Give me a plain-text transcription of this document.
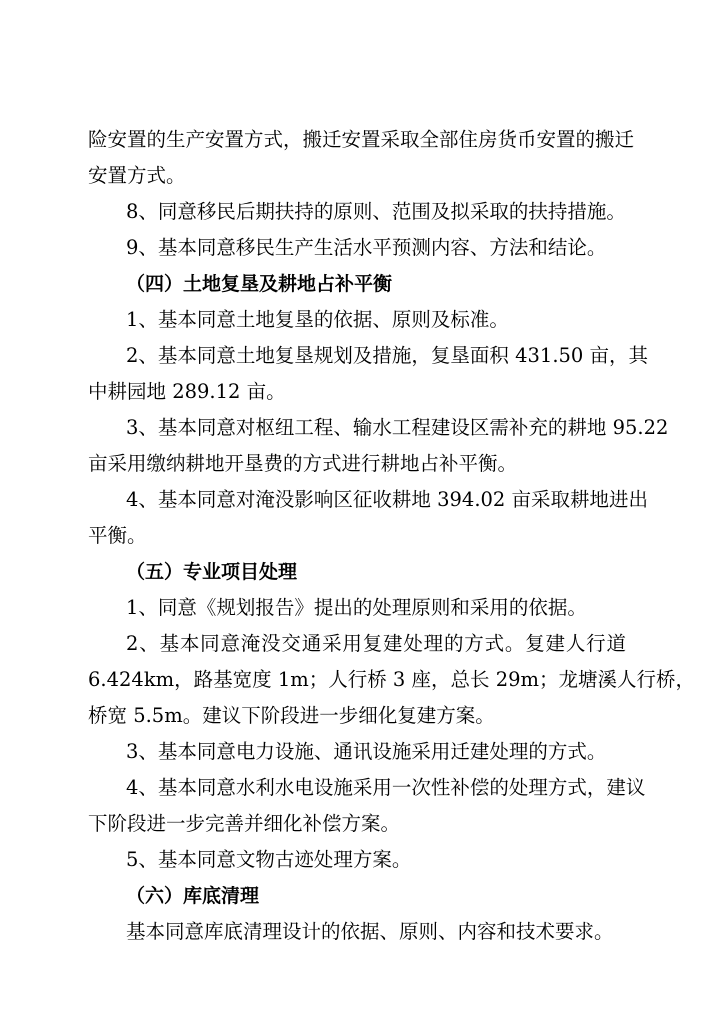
险安置的生产安置方式，搬迁安置采取全部住房货币安置的搬迁
安置方式。
8、同意移民后期扶持的原则、范围及拟采取的扶持措施。
9、基本同意移民生产生活水平预测内容、方法和结论。
（四）土地复垦及耕地占补平衡
1、基本同意土地复垦的依据、原则及标准。
2、基本同意土地复垦规划及措施，复垦面积 431.50 亩，其
中耕园地 289.12 亩。
3、基本同意对枢纽工程、输水工程建设区需补充的耕地 95.22
亩采用缴纳耕地开垦费的方式进行耕地占补平衡。
4、基本同意对淹没影响区征收耕地 394.02 亩采取耕地进出
平衡。
（五）专业项目处理
1、同意《规划报告》提出的处理原则和采用的依据。
2、基本同意淹没交通采用复建处理的方式。复建人行道
6.424km，路基宽度 1m；人行桥 3 座，总长 29m；龙塘溪人行桥，
桥宽 5.5m。建议下阶段进一步细化复建方案。
3、基本同意电力设施、通讯设施采用迁建处理的方式。
4、基本同意水利水电设施采用一次性补偿的处理方式，建议
下阶段进一步完善并细化补偿方案。
5、基本同意文物古迹处理方案。
（六）库底清理
基本同意库底清理设计的依据、原则、内容和技术要求。
